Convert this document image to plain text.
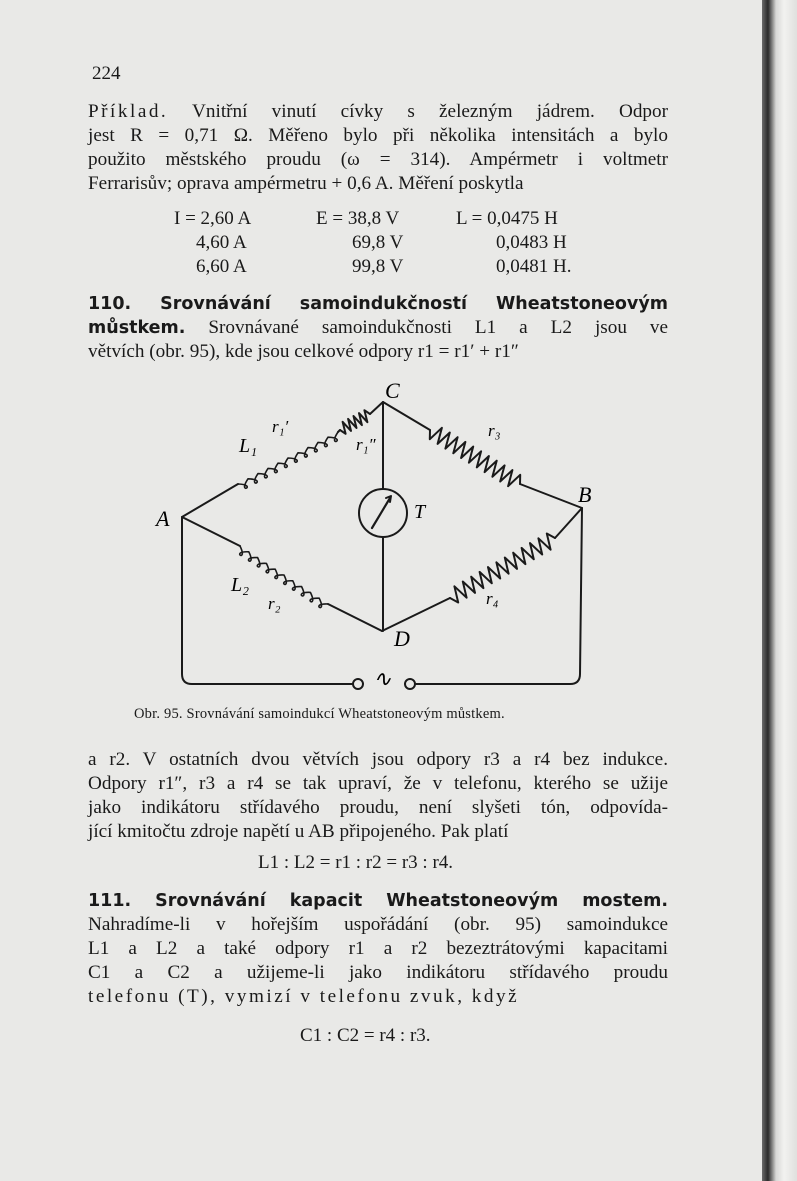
224
Příklad. Vnitřní vinutí cívky s železným jádrem. Odpor
jest R = 0,71 Ω. Měřeno bylo při několika intensitách a bylo
použito městského proudu (ω = 314). Ampérmetr i voltmetr
Ferrarisův; oprava ampérmetru + 0,6 A. Měření poskytla
I = 2,60 A
4,60 A
6,60 A
E = 38,8 V
69,8 V
99,8 V
L = 0,0475 H
0,0483 H
0,0481 H.
110. Srovnávání samoindukčností Wheatstoneovým
můstkem. Srovnávané samoindukčnosti L1 a L2 jsou ve
větvích (obr. 95), kde jsou celkové odpory r1 = r1′ + r1″
C
A
B
D
T
L₁
L₂
r₁′
r₁″
r₂
r₃
r₄
∿
Obr. 95. Srovnávání samoindukcí Wheatstoneovým můstkem.
a r2. V ostatních dvou větvích jsou odpory r3 a r4 bez indukce.
Odpory r1″, r3 a r4 se tak upraví, že v telefonu, kterého se užije
jako indikátoru střídavého proudu, není slyšeti tón, odpovída-
jící kmitočtu zdroje napětí u AB připojeného. Pak platí
L1 : L2 = r1 : r2 = r3 : r4.
111. Srovnávání kapacit Wheatstoneovým mostem.
Nahradíme-li v hořejším uspořádání (obr. 95) samoindukce
L1 a L2 a také odpory r1 a r2 bezeztrátovými kapacitami
C1 a C2 a užijeme-li jako indikátoru střídavého proudu
telefonu (T), vymizí v telefonu zvuk, když
C1 : C2 = r4 : r3.
